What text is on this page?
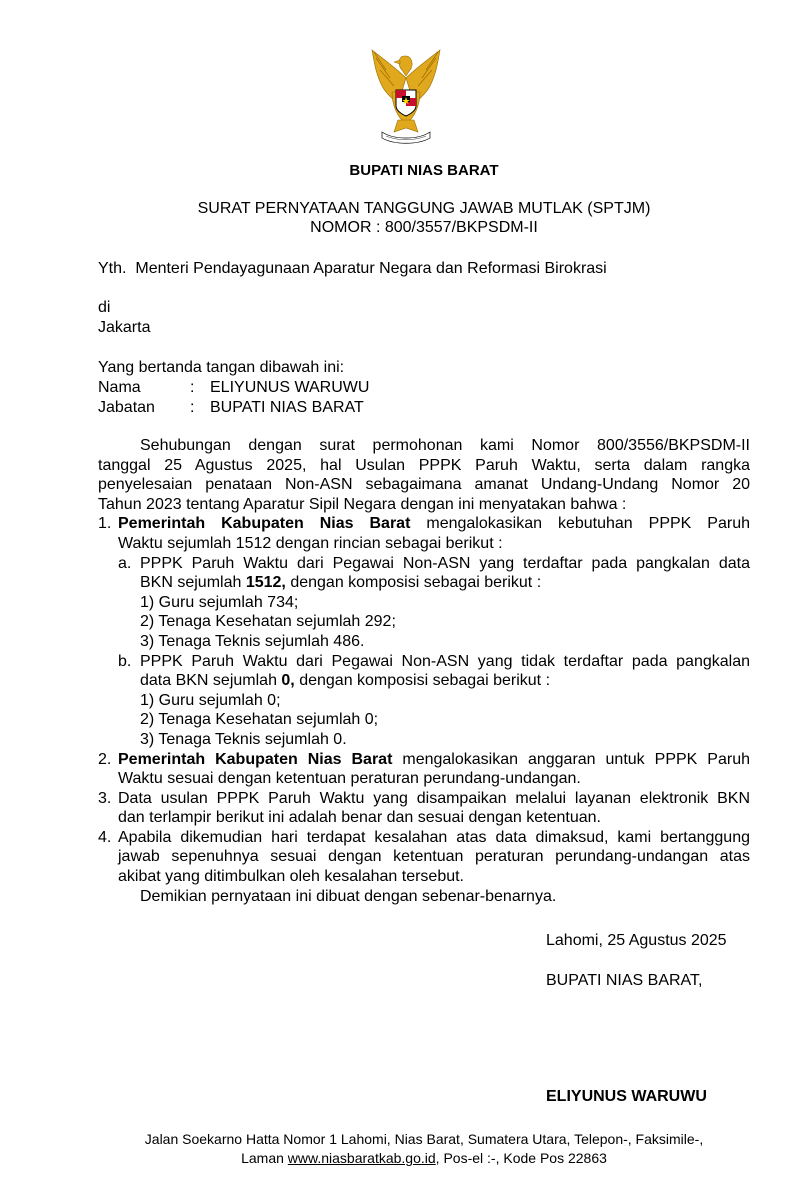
BUPATI NIAS BARAT
SURAT PERNYATAAN TANGGUNG JAWAB MUTLAK (SPTJM)
NOMOR : 800/3557/BKPSDM-II
Yth. Menteri Pendayagunaan Aparatur Negara dan Reformasi Birokrasi
di
Jakarta
Yang bertanda tangan dibawah ini:
Nama	: ELIYUNUS WARUWU
Jabatan : BUPATI NIAS BARAT
Sehubungan dengan surat permohonan kami Nomor 800/3556/BKPSDM-II
tanggal 25 Agustus 2025, hal Usulan PPPK Paruh Waktu, serta dalam rangka
penyelesaian penataan Non-ASN sebagaimana amanat Undang-Undang Nomor 20
Tahun 2023 tentang Aparatur Sipil Negara dengan ini menyatakan bahwa :
1. Pemerintah Kabupaten Nias Barat mengalokasikan kebutuhan PPPK Paruh
Waktu sejumlah 1512 dengan rincian sebagai berikut :
a. PPPK Paruh Waktu dari Pegawai Non-ASN yang terdaftar pada pangkalan data
BKN sejumlah 1512, dengan komposisi sebagai berikut :
1) Guru sejumlah 734;
2) Tenaga Kesehatan sejumlah 292;
3) Tenaga Teknis sejumlah 486.
b. PPPK Paruh Waktu dari Pegawai Non-ASN yang tidak terdaftar pada pangkalan
data BKN sejumlah 0, dengan komposisi sebagai berikut :
1) Guru sejumlah 0;
2) Tenaga Kesehatan sejumlah 0;
3) Tenaga Teknis sejumlah 0.
2. Pemerintah Kabupaten Nias Barat mengalokasikan anggaran untuk PPPK Paruh
Waktu sesuai dengan ketentuan peraturan perundang-undangan.
3. Data usulan PPPK Paruh Waktu yang disampaikan melalui layanan elektronik BKN
dan terlampir berikut ini adalah benar dan sesuai dengan ketentuan.
4. Apabila dikemudian hari terdapat kesalahan atas data dimaksud, kami bertanggung
jawab sepenuhnya sesuai dengan ketentuan peraturan perundang-undangan atas
akibat yang ditimbulkan oleh kesalahan tersebut.
Demikian pernyataan ini dibuat dengan sebenar-benarnya.
Lahomi, 25 Agustus 2025
BUPATI NIAS BARAT,
ELIYUNUS WARUWU
Jalan Soekarno Hatta Nomor 1 Lahomi, Nias Barat, Sumatera Utara, Telepon-, Faksimile-,
Laman www.niasbaratkab.go.id, Pos-el :-, Kode Pos 22863
